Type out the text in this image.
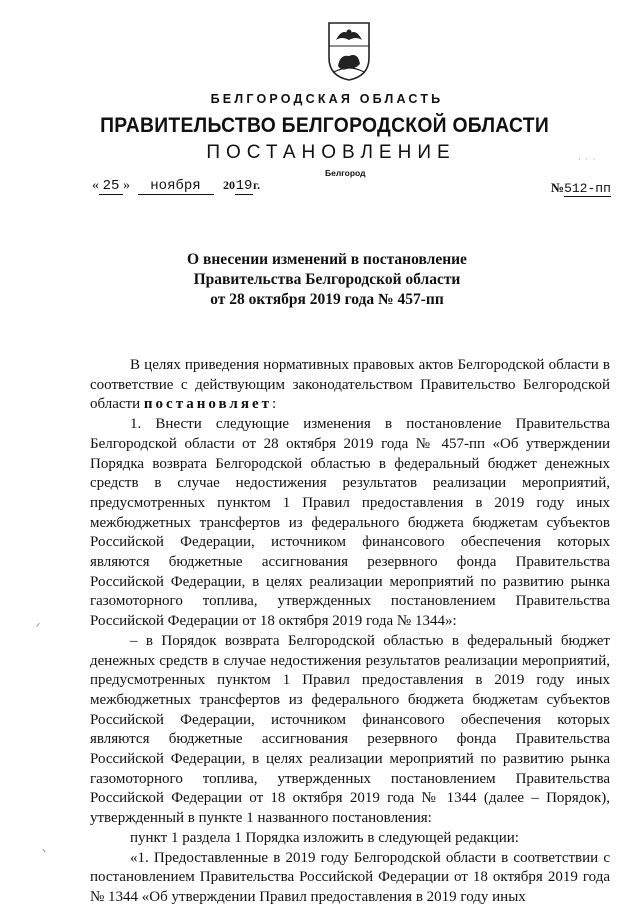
БЕЛГОРОДСКАЯ ОБЛАСТЬ
ПРАВИТЕЛЬСТВО БЕЛГОРОДСКОЙ ОБЛАСТИ
ПОСТАНОВЛЕНИЕ	· · ·
Белгород
« 25 » ноября 2019г.	№512-пп
О внесении изменений в постановление
Правительства Белгородской области
от 28 октября 2019 года № 457-пп

В целях приведения нормативных правовых актов Белгородской области в соответствие с действующим законодательством Правительство Белгородской области постановляет:

1. Внести следующие изменения в постановление Правительства Белгородской области от 28 октября 2019 года № 457-пп «Об утверждении Порядка возврата Белгородской областью в федеральный бюджет денежных средств в случае недостижения результатов реализации мероприятий, предусмотренных пунктом 1 Правил предоставления в 2019 году иных межбюджетных трансфертов из федерального бюджета бюджетам субъектов Российской Федерации, источником финансового обеспечения которых являются бюджетные ассигнования резервного фонда Правительства Российской Федерации, в целях реализации мероприятий по развитию рынка газомоторного топлива, утвержденных постановлением Правительства Российской Федерации от 18 октября 2019 года № 1344»:

– в Порядок возврата Белгородской областью в федеральный бюджет денежных средств в случае недостижения результатов реализации мероприятий, предусмотренных пунктом 1 Правил предоставления в 2019 году иных межбюджетных трансфертов из федерального бюджета бюджетам субъектов Российской Федерации, источником финансового обеспечения которых являются бюджетные ассигнования резервного фонда Правительства Российской Федерации, в целях реализации мероприятий по развитию рынка газомоторного топлива, утвержденных постановлением Правительства Российской Федерации от 18 октября 2019 года № 1344 (далее – Порядок), утвержденный в пункте 1 названного постановления:

пункт 1 раздела 1 Порядка изложить в следующей редакции:

«1. Предоставленные в 2019 году Белгородской области в соответствии с постановлением Правительства Российской Федерации от 18 октября 2019 года № 1344 «Об утверждении Правил предоставления в 2019 году иных

ᐟ
ᐠ
